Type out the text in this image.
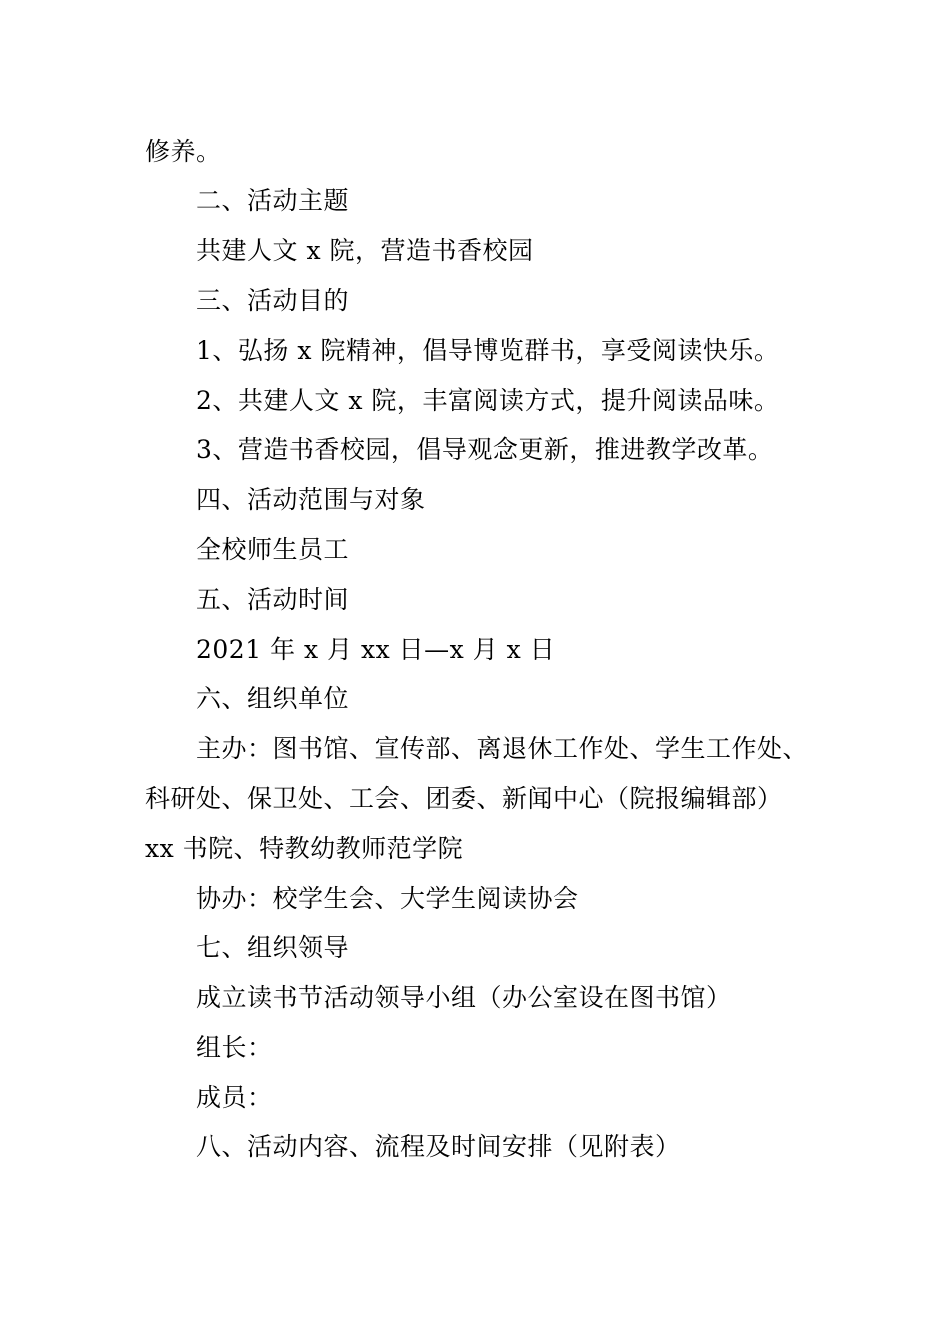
修养。
二、活动主题
共建人文 x 院，营造书香校园
三、活动目的
1、弘扬 x 院精神，倡导博览群书，享受阅读快乐。
2、共建人文 x 院，丰富阅读方式，提升阅读品味。
3、营造书香校园，倡导观念更新，推进教学改革。
四、活动范围与对象
全校师生员工
五、活动时间
2021 年 x 月 xx 日—x 月 x 日
六、组织单位
主办：图书馆、宣传部、离退休工作处、学生工作处、
科研处、保卫处、工会、团委、新闻中心（院报编辑部）
xx 书院、特教幼教师范学院
协办：校学生会、大学生阅读协会
七、组织领导
成立读书节活动领导小组（办公室设在图书馆）
组长：
成员：
八、活动内容、流程及时间安排（见附表）
